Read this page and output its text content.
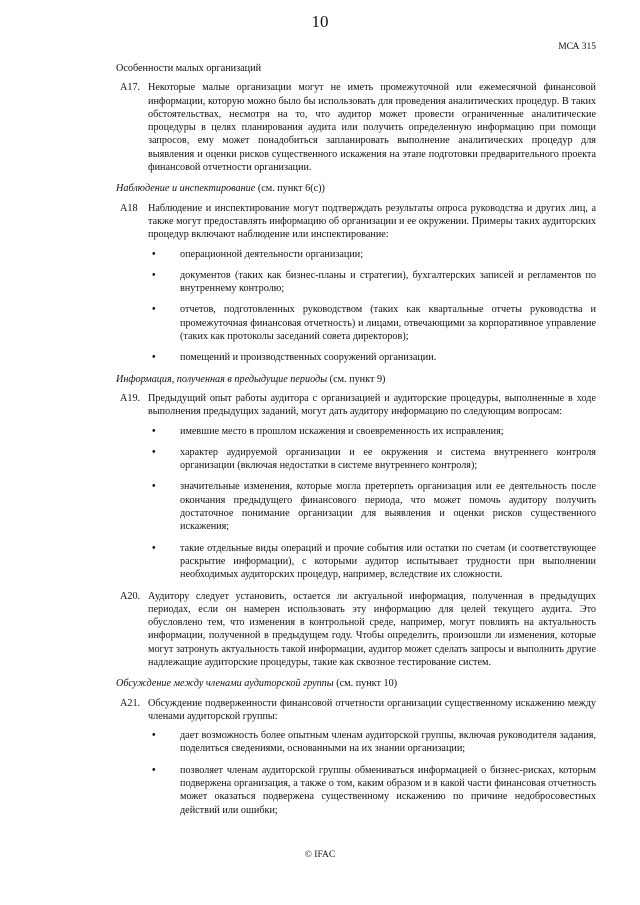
10
МСА 315
Особенности малых организаций
A17. Некоторые малые организации могут не иметь промежуточной или ежемесячной финансовой информации, которую можно было бы использовать для проведения аналитических процедур. В таких обстоятельствах, несмотря на то, что аудитор может провести ограниченные аналитические процедуры в целях планирования аудита или получить определенную информацию при помощи запросов, ему может понадобиться запланировать выполнение аналитических процедур для выявления и оценки рисков существенного искажения на этапе подготовки предварительного проекта финансовой отчетности организации.
Наблюдение и инспектирование (см. пункт 6(с))
A18 Наблюдение и инспектирование могут подтверждать результаты опроса руководства и других лиц, а также могут предоставлять информацию об организации и ее окружении. Примеры таких аудиторских процедур включают наблюдение или инспектирование:
• операционной деятельности организации;
• документов (таких как бизнес-планы и стратегии), бухгалтерских записей и регламентов по внутреннему контролю;
• отчетов, подготовленных руководством (таких как квартальные отчеты руководства и промежуточная финансовая отчетность) и лицами, отвечающими за корпоративное управление (таких как протоколы заседаний совета директоров);
• помещений и производственных сооружений организации.
Информация, полученная в предыдущие периоды (см. пункт 9)
A19. Предыдущий опыт работы аудитора с организацией и аудиторские процедуры, выполненные в ходе выполнения предыдущих заданий, могут дать аудитору информацию по следующим вопросам:
• имевшие место в прошлом искажения и своевременность их исправления;
• характер аудируемой организации и ее окружения и система внутреннего контроля организации (включая недостатки в системе внутреннего контроля);
• значительные изменения, которые могла претерпеть организация или ее деятельность после окончания предыдущего финансового периода, что может помочь аудитору получить достаточное понимание организации для выявления и оценки рисков существенного искажения;
• такие отдельные виды операций и прочие события или остатки по счетам (и соответствующее раскрытие информации), с которыми аудитор испытывает трудности при выполнении необходимых аудиторских процедур, например, вследствие их сложности.
A20. Аудитору следует установить, остается ли актуальной информация, полученная в предыдущих периодах, если он намерен использовать эту информацию для целей текущего аудита. Это обусловлено тем, что изменения в контрольной среде, например, могут повлиять на актуальность информации, полученной в предыдущем году. Чтобы определить, произошли ли изменения, которые могут затронуть актуальность такой информации, аудитор может сделать запросы и выполнить другие надлежащие аудиторские процедуры, такие как сквозное тестирование систем.
Обсуждение между членами аудиторской группы (см. пункт 10)
A21. Обсуждение подверженности финансовой отчетности организации существенному искажению между членами аудиторской группы:
• дает возможность более опытным членам аудиторской группы, включая руководителя задания, поделиться сведениями, основанными на их знании организации;
• позволяет членам аудиторской группы обмениваться информацией о бизнес-рисках, которым подвержена организация, а также о том, каким образом и в какой части финансовая отчетность может оказаться подвержена существенному искажению по причине недобросовестных действий или ошибки;
© IFAC
